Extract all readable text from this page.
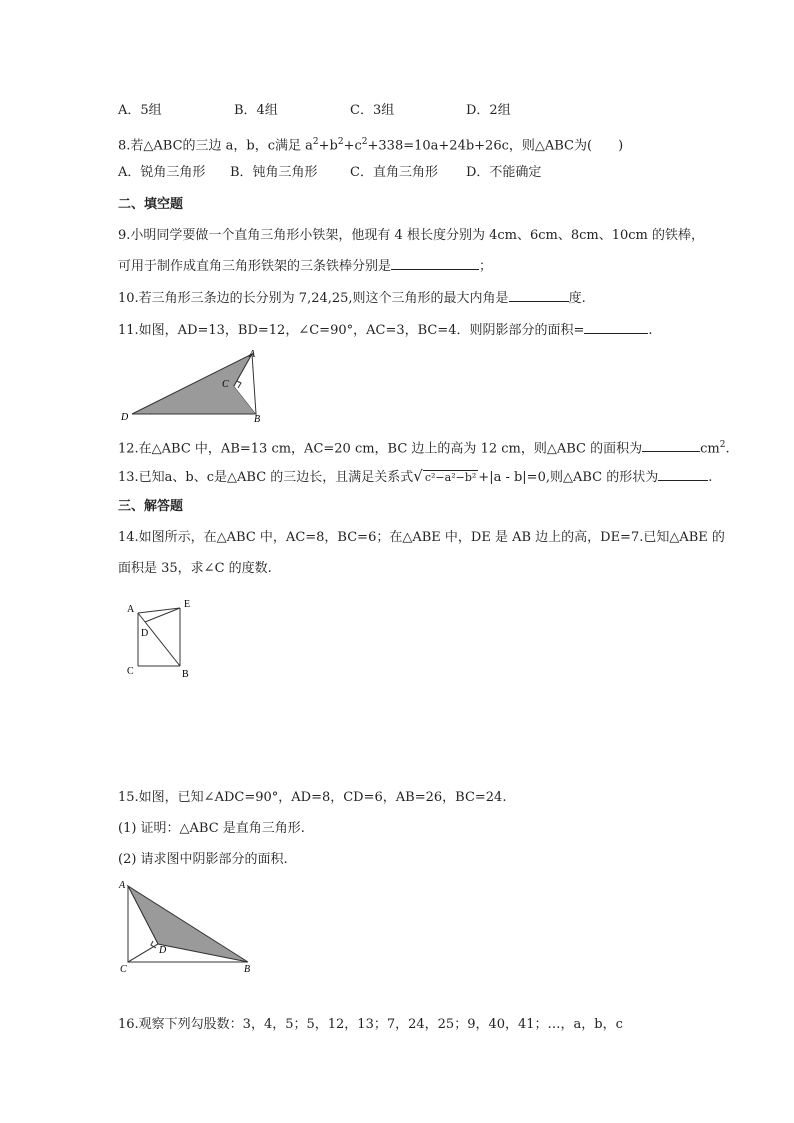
A．5组	B．4组	C．3组	D．2组
8.若△ABC的三边 a，b，c满足 $a^2+b^2+c^2+338=10a+24b+26c$，则△ABC为(　　)
A．锐角三角形 B．钝角三角形 C．直角三角形 D．不能确定
二、填空题
9.小明同学要做一个直角三角形小铁架，他现有 4 根长度分别为 4cm、6cm、8cm、10cm 的铁棒，
可用于制作成直角三角形铁架的三条铁棒分别是	；
10.若三角形三条边的长分别为 7,24,25,则这个三角形的最大内角是	度.
11.如图，AD=13，BD=12，∠C=90°，AC=3，BC=4．则阴影部分的面积=	.
A
C
D	B
12.在△ABC 中，AB=13 cm，AC=20 cm，BC 边上的高为 12 cm，则△ABC 的面积为	$cm^2$.
13.已知a、b、c是△ABC 的三边长，且满足关系式√ c²−a²−b² +|a - b|=0,则△ABC 的形状为	.
三、解答题
14.如图所示，在△ABC 中，AC=8，BC=6；在△ABE 中，DE 是 AB 边上的高，DE=7.已知△ABE 的
面积是 35，求∠C 的度数.
A	E
D
C	B
15.如图，已知∠ADC=90°，AD=8，CD=6，AB=26，BC=24.
(1) 证明：△ABC 是直角三角形.
(2) 请求图中阴影部分的面积.
A
D
C	B
16.观察下列勾股数：3，4，5；5，12，13；7，24，25；9，40，41；…，a，b，c
